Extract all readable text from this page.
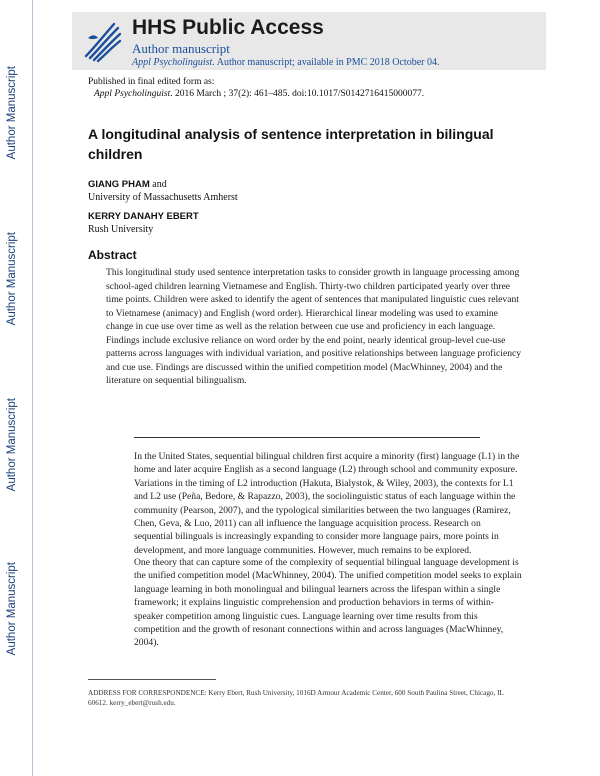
Author Manuscript
Author Manuscript
Author Manuscript
Author Manuscript
HHS Public Access
Author manuscript
Appl Psycholinguist. Author manuscript; available in PMC 2018 October 04.
Published in final edited form as:
Appl Psycholinguist. 2016 March ; 37(2): 461–485. doi:10.1017/S0142716415000077.
A longitudinal analysis of sentence interpretation in bilingual children
GIANG PHAM and
University of Massachusetts Amherst
KERRY DANAHY EBERT
Rush University
Abstract
This longitudinal study used sentence interpretation tasks to consider growth in language processing among school-aged children learning Vietnamese and English. Thirty-two children participated yearly over three time points. Children were asked to identify the agent of sentences that manipulated linguistic cues relevant to Vietnamese (animacy) and English (word order). Hierarchical linear modeling was used to examine change in cue use over time as well as the relation between cue use and proficiency in each language. Findings include exclusive reliance on word order by the end point, nearly identical group-level cue-use patterns across languages with individual variation, and positive relationships between language proficiency and cue use. Findings are discussed within the unified competition model (MacWhinney, 2004) and the literature on sequential bilingualism.
In the United States, sequential bilingual children first acquire a minority (first) language (L1) in the home and later acquire English as a second language (L2) through school and community exposure. Variations in the timing of L2 introduction (Hakuta, Bialystok, & Wiley, 2003), the contexts for L1 and L2 use (Peña, Bedore, & Rapazzo, 2003), the sociolinguistic status of each language within the community (Pearson, 2007), and the typological similarities between the two languages (Ramirez, Chen, Geva, & Luo, 2011) can all influence the language acquisition process. Research on sequential bilinguals is increasingly expanding to consider more language pairs, more points in development, and more language communities. However, much remains to be explored.
One theory that can capture some of the complexity of sequential bilingual language development is the unified competition model (MacWhinney, 2004). The unified competition model seeks to explain language learning in both monolingual and bilingual learners across the lifespan within a single framework; it explains linguistic comprehension and production behaviors in terms of within-speaker competition among linguistic cues. Language learning over time results from this competition and the growth of resonant connections within and across languages (MacWhinney, 2004).
ADDRESS FOR CORRESPONDENCE: Kerry Ebert, Rush University, 1016D Armour Academic Center, 600 South Paulina Street, Chicago, IL 60612. kerry_ebert@rush.edu.
